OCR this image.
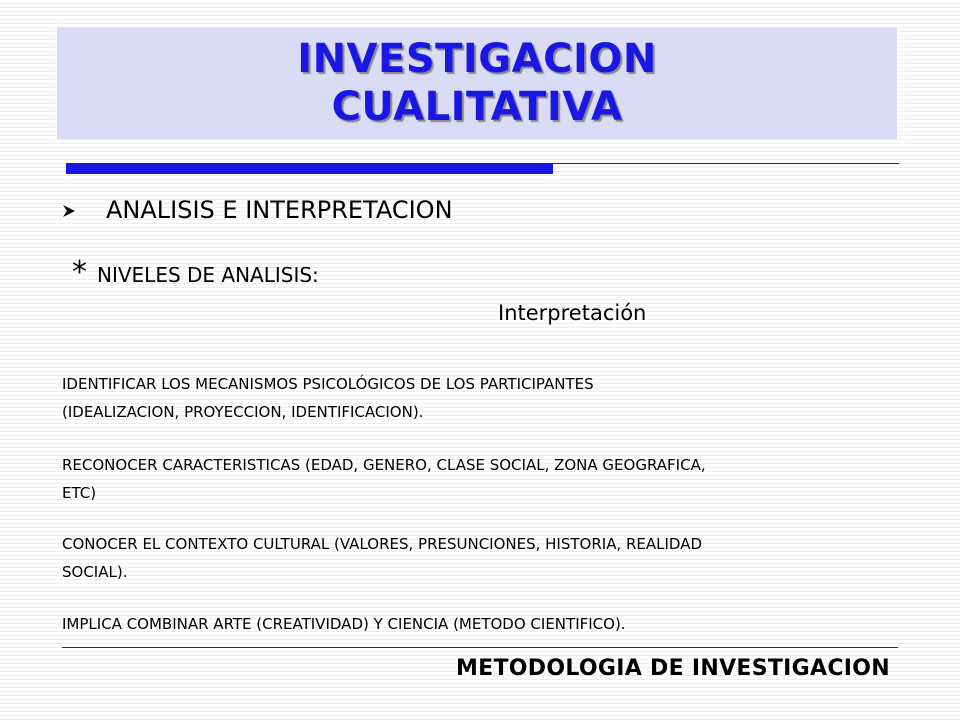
INVESTIGACION
CUALITATIVA
ANALISIS E INTERPRETACION
* NIVELES DE ANALISIS:
Interpretación

IDENTIFICAR LOS MECANISMOS PSICOLÓGICOS DE LOS PARTICIPANTES
(IDEALIZACION, PROYECCION, IDENTIFICACION).

RECONOCER CARACTERISTICAS (EDAD, GENERO, CLASE SOCIAL, ZONA GEOGRAFICA,
ETC)

CONOCER EL CONTEXTO CULTURAL (VALORES, PRESUNCIONES, HISTORIA, REALIDAD
SOCIAL).

IMPLICA COMBINAR ARTE (CREATIVIDAD) Y CIENCIA (METODO CIENTIFICO).

METODOLOGIA DE INVESTIGACION
